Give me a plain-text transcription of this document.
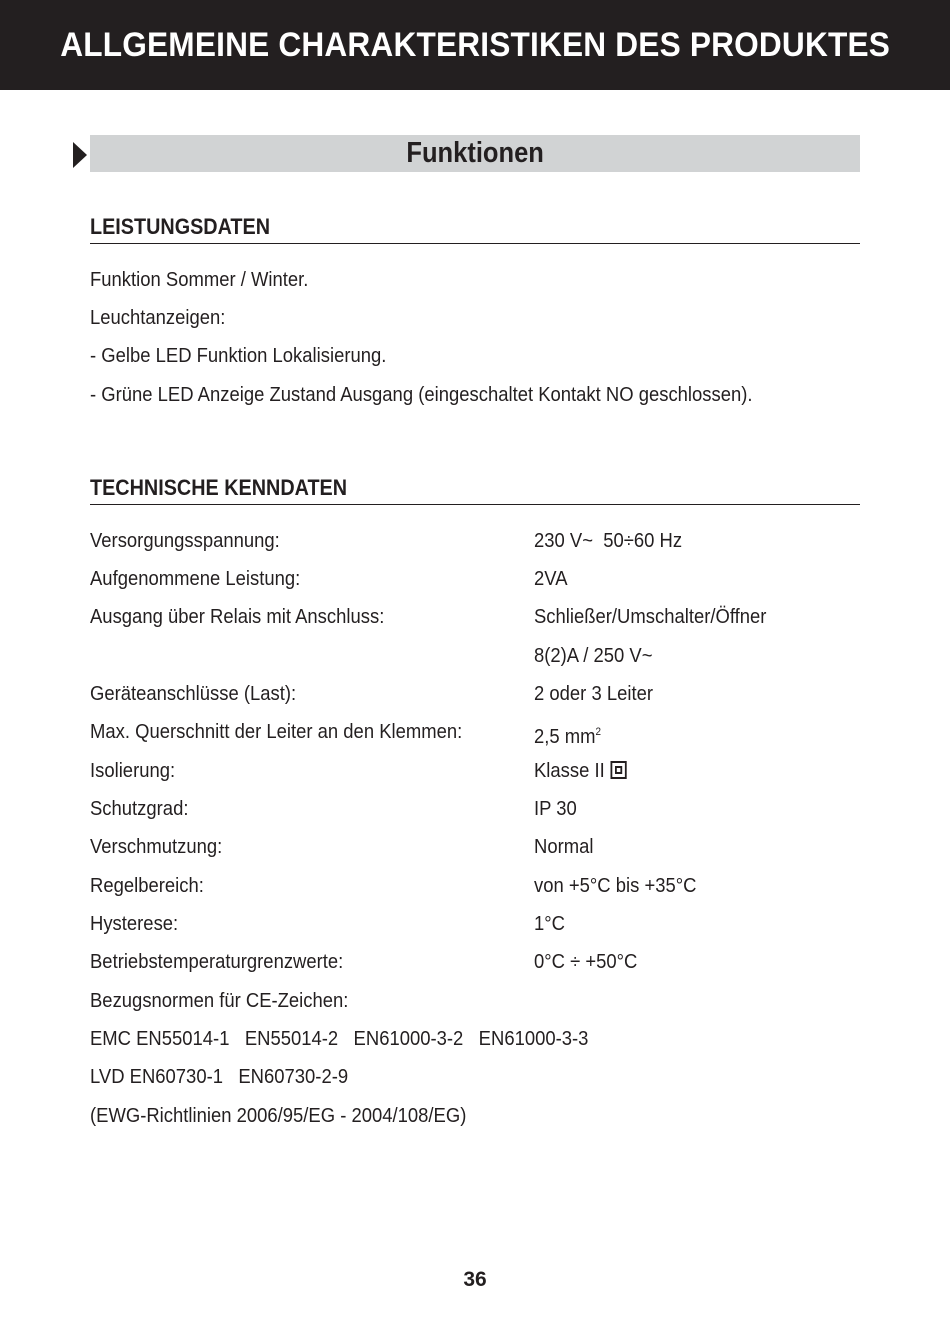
ALLGEMEINE CHARAKTERISTIKEN DES PRODUKTES
Funktionen
LEISTUNGSDATEN
Funktion Sommer / Winter.
Leuchtanzeigen:
- Gelbe LED Funktion Lokalisierung.
- Grüne LED Anzeige Zustand Ausgang (eingeschaltet Kontakt NO geschlossen).
TECHNISCHE KENNDATEN
Versorgungsspannung:	230 V~  50÷60 Hz
Aufgenommene Leistung:	2VA
Ausgang über Relais mit Anschluss:	Schließer/Umschalter/Öffner
8(2)A / 250 V~
Geräteanschlüsse (Last):	2 oder 3 Leiter
Max. Querschnitt der Leiter an den Klemmen:	2,5 $mm^2$
Isolierung:	Klasse II
Schutzgrad:	IP 30
Verschmutzung:	Normal
Regelbereich:	von +5°C bis +35°C
Hysterese:	1°C
Betriebstemperaturgrenzwerte:	0°C ÷ +50°C
Bezugsnormen für CE-Zeichen:
EMC EN55014-1   EN55014-2   EN61000-3-2   EN61000-3-3
LVD EN60730-1   EN60730-2-9
(EWG-Richtlinien 2006/95/EG - 2004/108/EG)
36
